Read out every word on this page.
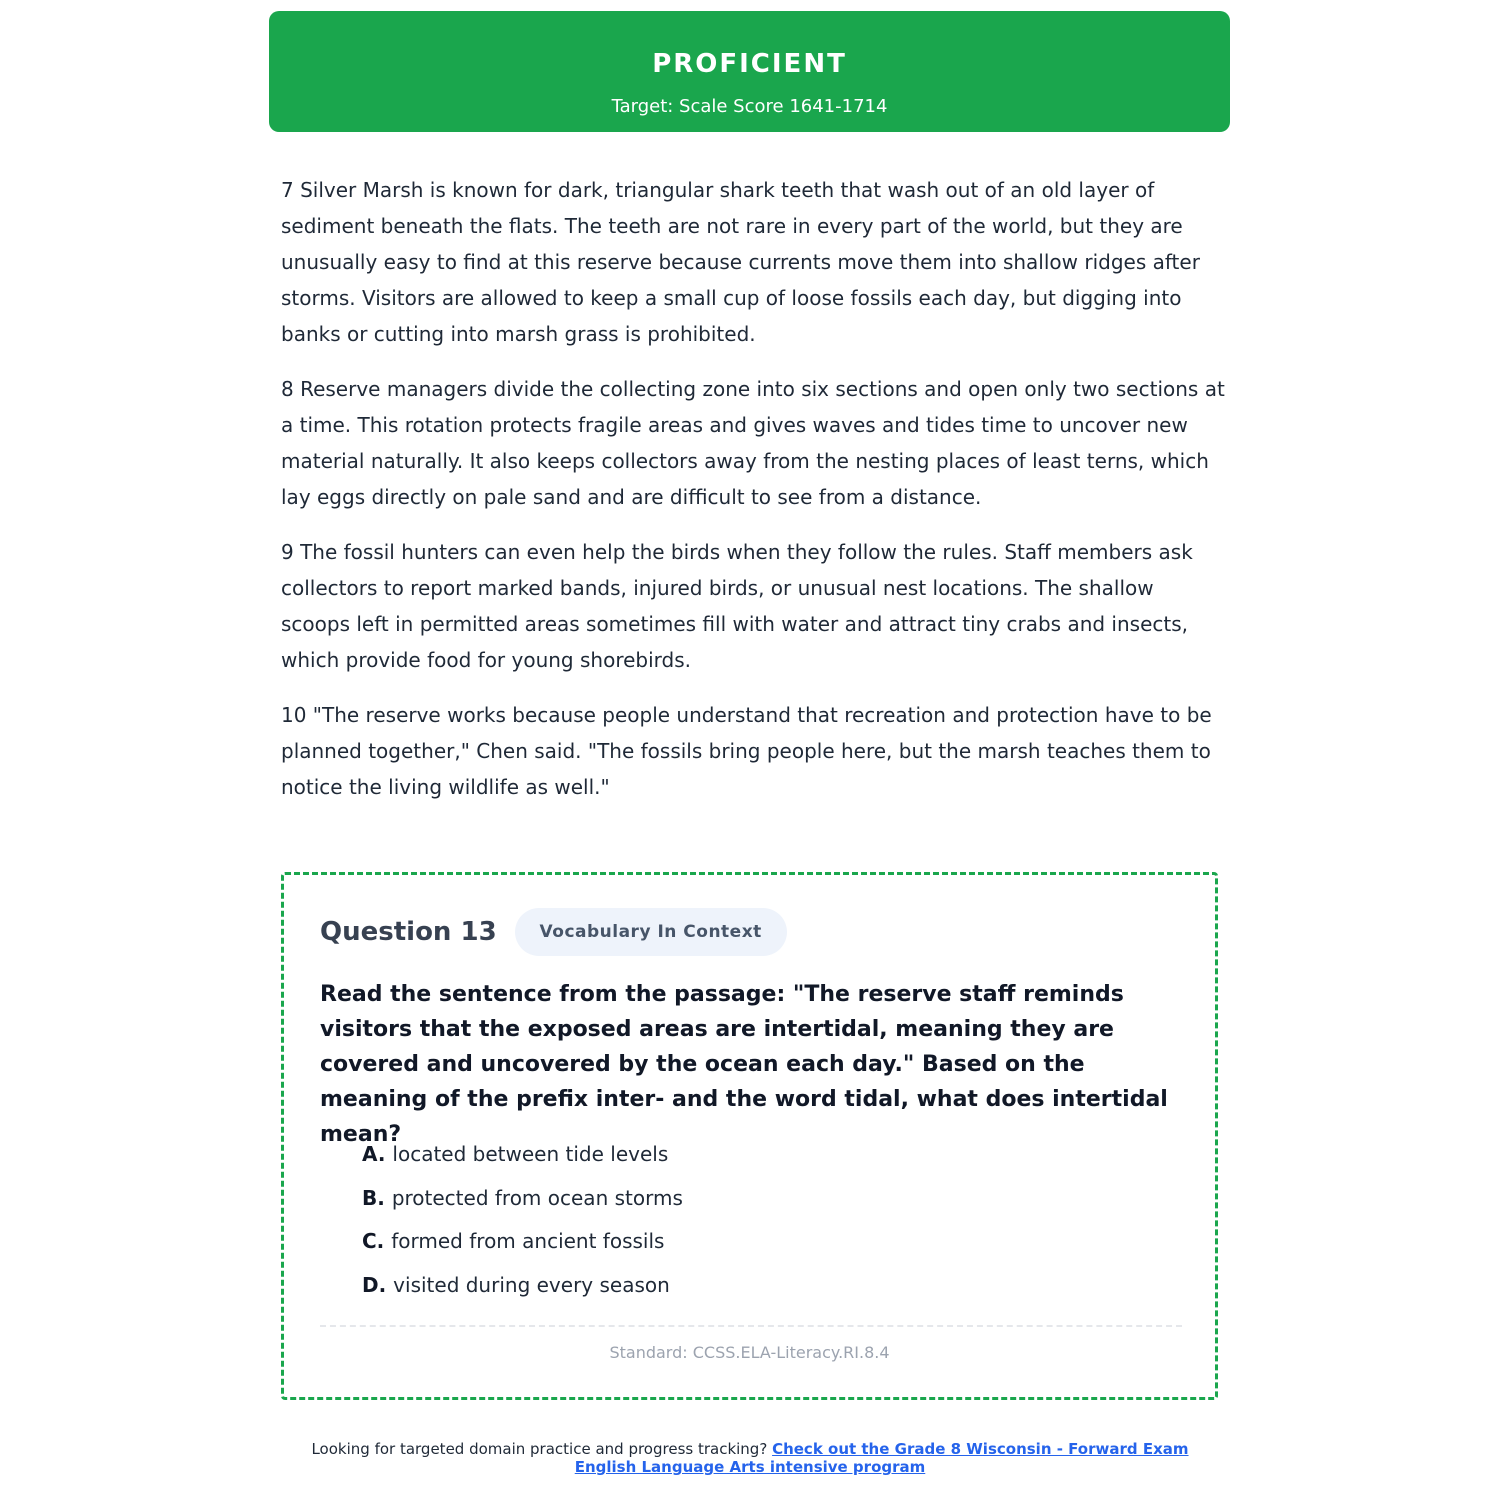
PROFICIENT
Target: Scale Score 1641-1714

7 Silver Marsh is known for dark, triangular shark teeth that wash out of an old layer of sediment beneath the flats. The teeth are not rare in every part of the world, but they are unusually easy to find at this reserve because currents move them into shallow ridges after storms. Visitors are allowed to keep a small cup of loose fossils each day, but digging into banks or cutting into marsh grass is prohibited.

8 Reserve managers divide the collecting zone into six sections and open only two sections at a time. This rotation protects fragile areas and gives waves and tides time to uncover new material naturally. It also keeps collectors away from the nesting places of least terns, which lay eggs directly on pale sand and are difficult to see from a distance.

9 The fossil hunters can even help the birds when they follow the rules. Staff members ask collectors to report marked bands, injured birds, or unusual nest locations. The shallow scoops left in permitted areas sometimes fill with water and attract tiny crabs and insects, which provide food for young shorebirds.

10 "The reserve works because people understand that recreation and protection have to be planned together," Chen said. "The fossils bring people here, but the marsh teaches them to notice the living wildlife as well."

Question 13	Vocabulary In Context
Read the sentence from the passage: "The reserve staff reminds visitors that the exposed areas are intertidal, meaning they are covered and uncovered by the ocean each day." Based on the meaning of the prefix inter- and the word tidal, what does intertidal mean?
A. located between tide levels
B. protected from ocean storms
C. formed from ancient fossils
D. visited during every season
Standard: CCSS.ELA-Literacy.RI.8.4
Looking for targeted domain practice and progress tracking? Check out the Grade 8 Wisconsin - Forward Exam English Language Arts intensive program
